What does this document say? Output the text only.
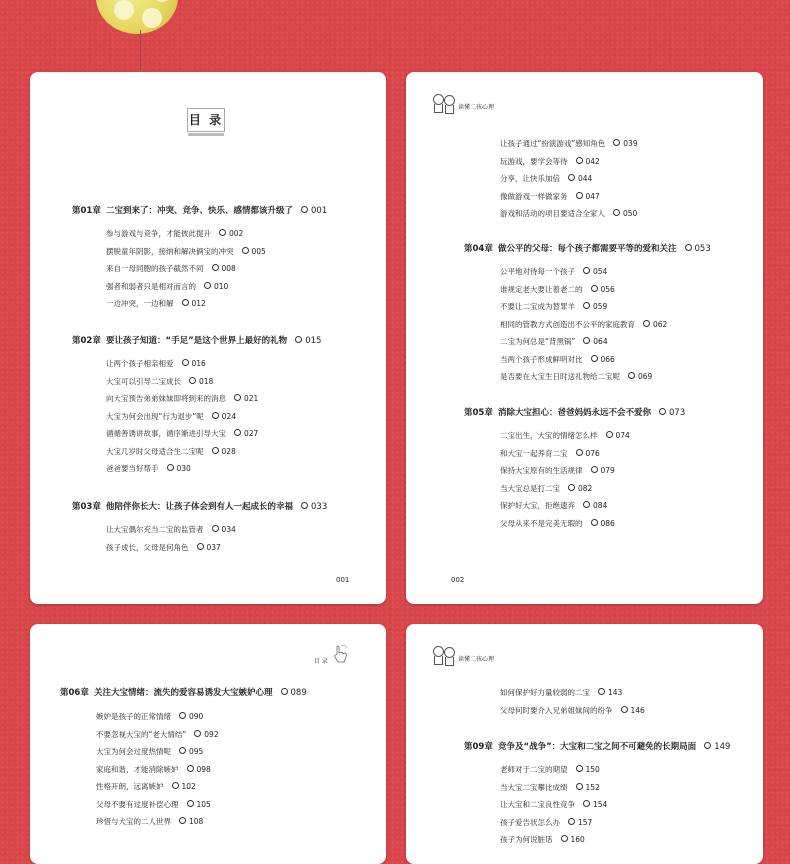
目 录
第01章 二宝到来了：冲突、竞争、快乐、感情都该升级了 001
参与游戏与竞争，才能彼此提升 002
摆脱童年阴影，接纳和解决俩宝的冲突 005
来自一母同胞的孩子截然不同 008
强者和弱者只是相对而言的 010
一边冲突，一边和解 012
第02章 要让孩子知道：“手足”是这个世界上最好的礼物 015
让两个孩子相亲相爱 016
大宝可以引导二宝成长 018
向大宝预告弟弟妹妹即将到来的消息 021
大宝为何会出现“行为退步”呢 024
循循善诱讲故事，循序渐进引导大宝 027
大宝几岁时父母适合生二宝呢 028
爸爸要当好帮手 030
第03章 他陪伴你长大：让孩子体会到有人一起成长的幸福 033
让大宝偶尔充当二宝的监管者 034
孩子成长，父母是何角色 037
001
读懂二孩心理
让孩子通过“扮演游戏”感知角色 039
玩游戏，要学会等待 042
分享，让快乐加倍 044
像做游戏一样做家务 047
游戏和活动的项目要适合全家人 050
第04章 做公平的父母：每个孩子都需要平等的爱和关注 053
公平地对待每一个孩子 054
谁规定老大要让着老二的 056
不要让二宝成为替罪羊 059
相同的管教方式创造出不公平的家庭教育 062
二宝为何总是“背黑锅” 064
当两个孩子形成鲜明对比 066
是否要在大宝生日时送礼物给二宝呢 069
第05章 消除大宝担心：爸爸妈妈永远不会不爱你 073
二宝出生，大宝的情绪怎么样 074
和大宝一起养育二宝 076
保持大宝原有的生活规律 079
当大宝总是打二宝 082
保护好大宝，拒绝遗弃 084
父母从来不是完美无瑕的 086
002
目 录
第06章 关注大宝情绪：流失的爱容易诱发大宝嫉妒心理 089
嫉妒是孩子的正常情绪 090
不要忽视大宝的“老大情结” 092
大宝为何会过度热情呢 095
家庭和谐，才能消除嫉妒 098
性格开朗，远离嫉妒 102
父母不要有过度补偿心理 105
珍惜与大宝的二人世界 108
读懂二孩心理
如何保护好力量较弱的二宝 143
父母何时要介入兄弟姐妹间的纷争 146
第09章 竞争及“战争”：大宝和二宝之间不可避免的长期局面 149
老师对于二宝的期望 150
当大宝二宝攀比成绩 152
让大宝和二宝良性竞争 154
孩子爱告状怎么办 157
孩子为何说脏话 160
